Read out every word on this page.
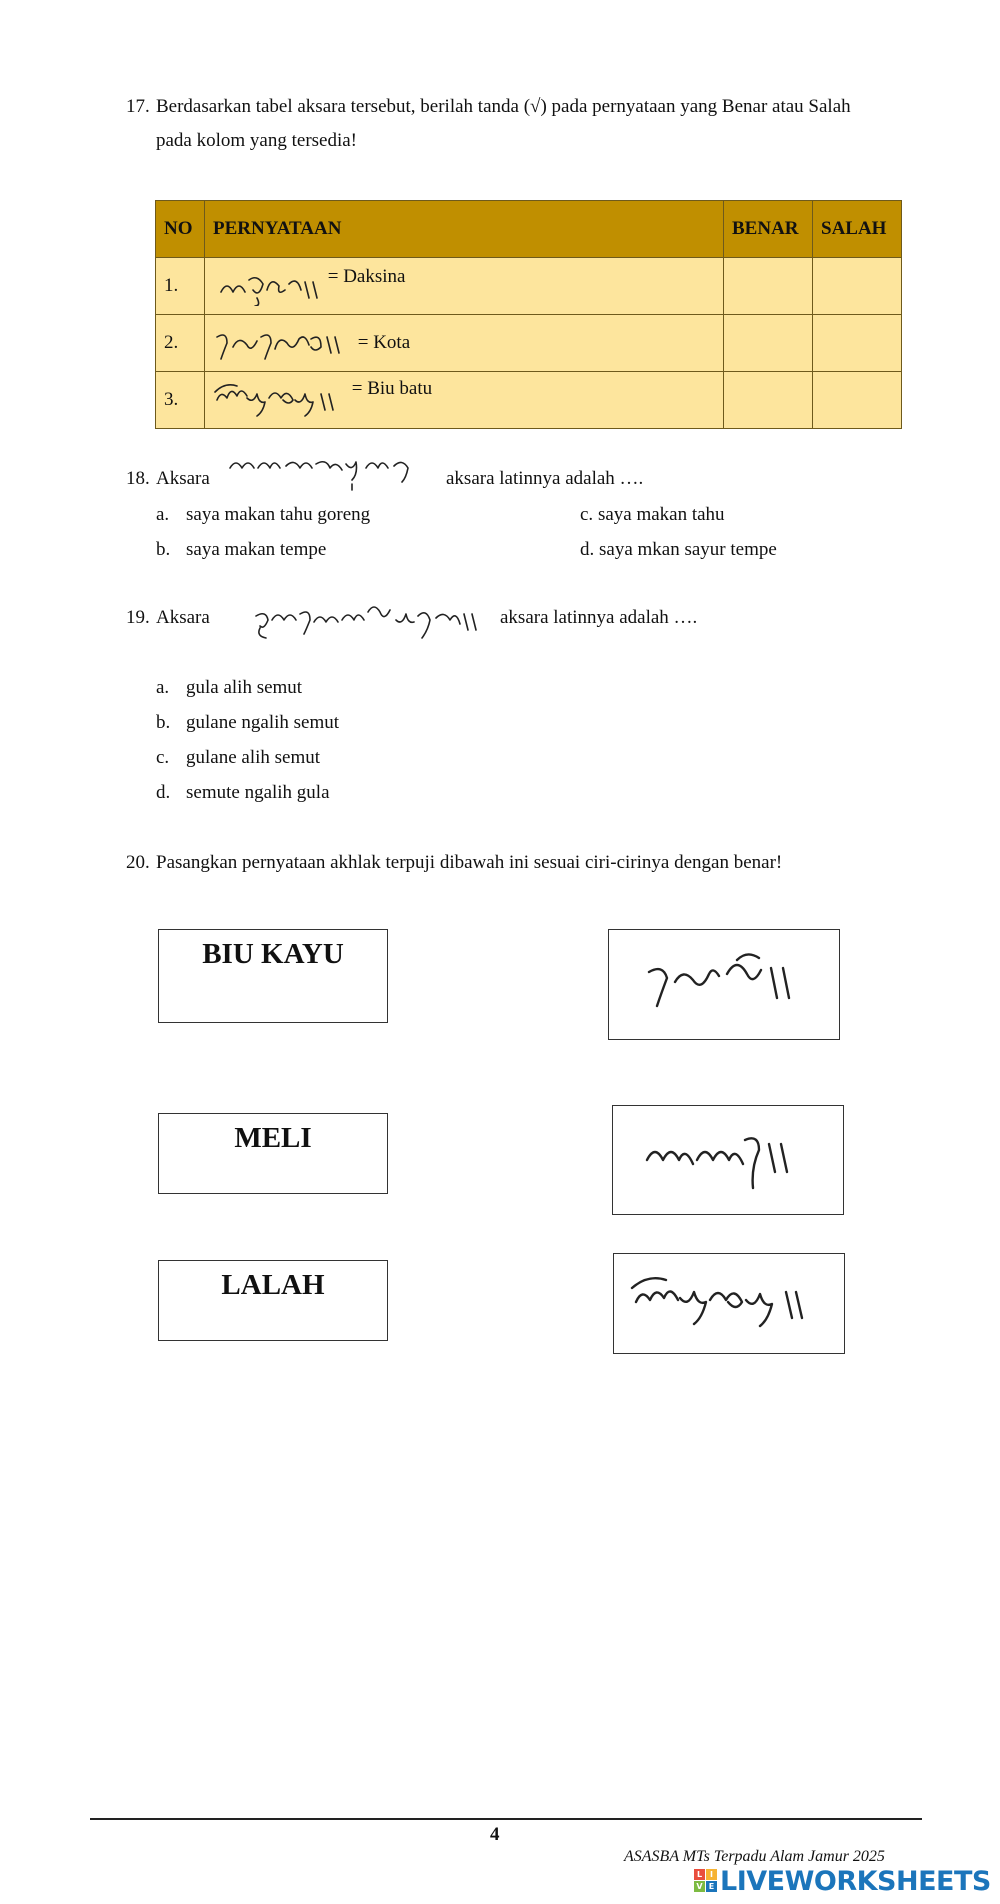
17. Berdasarkan tabel aksara tersebut, berilah tanda (√) pada pernyataan yang Benar atau Salah
pada kolom yang tersedia!
NO	PERNYATAAN	BENAR	SALAH
1.	= Daksina		
2.	= Kota		
3.	= Biu batu		
18. Aksara	aksara latinnya adalah ….
a. saya makan tahu goreng
b. saya makan tempe
c. saya makan tahu
d. saya mkan sayur tempe
19. Aksara	aksara latinnya adalah ….
a. gula alih semut
b. gulane ngalih semut
c. gulane alih semut
d. semute ngalih gula
20. Pasangkan pernyataan akhlak terpuji dibawah ini sesuai ciri-cirinya dengan benar!
BIU KAYU
MELI
LALAH
4
ASASBA MTs Terpadu Alam Jamur 2025
L I
V E LIVEWORKSHEETS
